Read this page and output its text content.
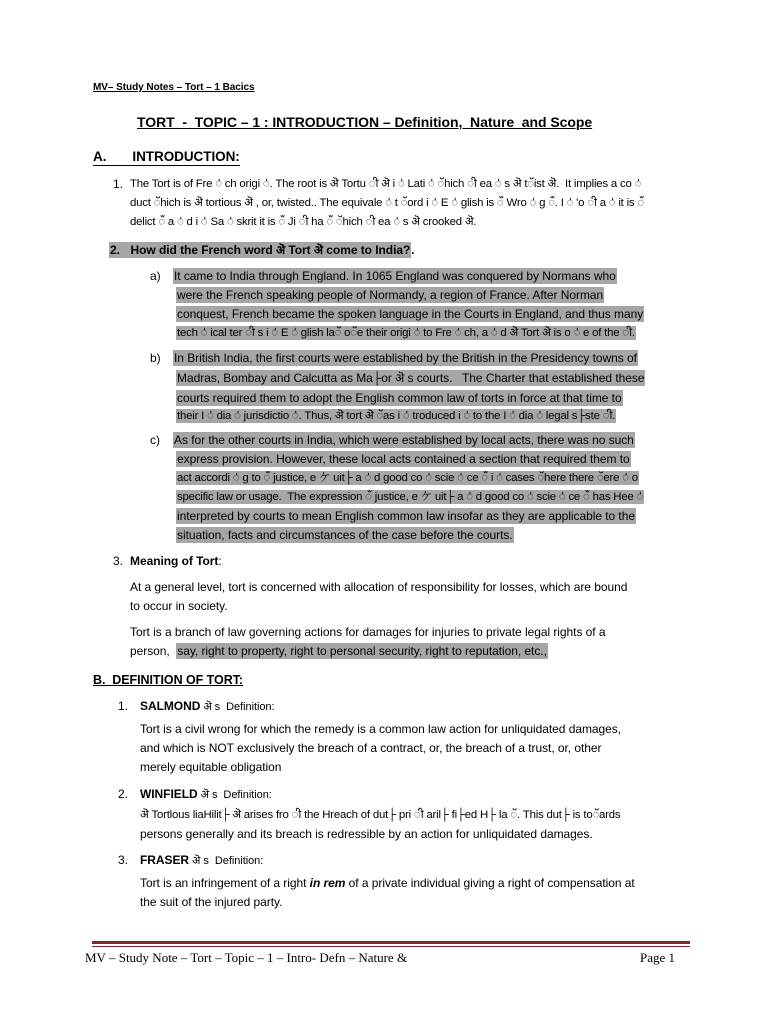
MV– Study Notes – Tort – 1 Bacics
TORT  -  TOPIC – 1 : INTRODUCTION – Definition,  Nature  and Scope
A. INTRODUCTION:
1. The Tort is of Fre ऺ ch origi ऺ. The root is ऄ Tortu ी ऄ i ऺ Lati ऺ ॅhich ी ea ऺ s ऄ tॅist ऄ.  It implies a co ऺ
duct ॅhich is ऄ tortious ऄ , or, twisted.. The equivale ऺ t ॅord i ऺ E ऺ glish is ँ Wro ऺ g ँ. I ऺ 'o ी a ऺ it is ँ
delict ँ a ऺ d i ऺ Sa ऺ skrit it is ँ Ji ी ha ँ ॅhich ी ea ऺ s ऄ crooked ऄ.
2. How did the French word ऄ Tort ऄ come to India?.
a) It came to India through England. In 1065 England was conquered by Normans who
were the French speaking people of Normandy, a region of France. After Norman
conquest, French became the spoken language in the Courts in England, and thus many
tech ऺ ical ter ी s i ऺ E ऺ glish laॅ oॅe their origi ऺ to Fre ऺ ch, a ऺ d ऄ Tort ऄ is o ऺ e of the ी.
b) In British India, the first courts were established by the British in the Presidency towns of
Madras, Bombay and Calcutta as Ma├or ऄ s courts.   The Charter that established these
courts required them to adopt the English common law of torts in force at that time to
their I ऺ dia ऺ jurisdictio ऺ. Thus, ऄ tort ऄ ॅas i ऺ troduced i ऺ to the I ऺ dia ऺ legal s├ste ी.
c) As for the other courts in India, which were established by local acts, there was no such
express provision. However, these local acts contained a section that required them to
act accordi ऺ g to ँ justice, e ケ uit├ a ऺ d good co ऺ scie ऺ ce ँ i ऺ cases ॅhere there ॅere ऺ o
specific law or usage.  The expression ँ justice, e ケ uit├ a ऺ d good co ऺ scie ऺ ce ँ has Hee ऺ
interpreted by courts to mean English common law insofar as they are applicable to the
situation, facts and circumstances of the case before the courts.
3. Meaning of Tort:
At a general level, tort is concerned with allocation of responsibility for losses, which are bound
to occur in society.
Tort is a branch of law governing actions for damages for injuries to private legal rights of a
person,  say, right to property, right to personal security, right to reputation, etc.,
B.  DEFINITION OF TORT:
1. SALMOND ऄ s  Definition:
Tort is a civil wrong for which the remedy is a common law action for unliquidated damages,
and which is NOT exclusively the breach of a contract, or, the breach of a trust, or, other
merely equitable obligation
2. WINFIELD ऄ s  Definition:
ऄ Tortlous liaHilit├ ऄ arises fro ी the Hreach of dut├ pri ी aril├ fi├ed H├ la ॅ. This dut├ is toॅards
persons generally and its breach is redressible by an action for unliquidated damages.
3. FRASER ऄ s  Definition:
Tort is an infringement of a right in rem of a private individual giving a right of compensation at
the suit of the injured party.
MV – Study Note – Tort – Topic – 1 – Intro- Defn – Nature &	Page 1
